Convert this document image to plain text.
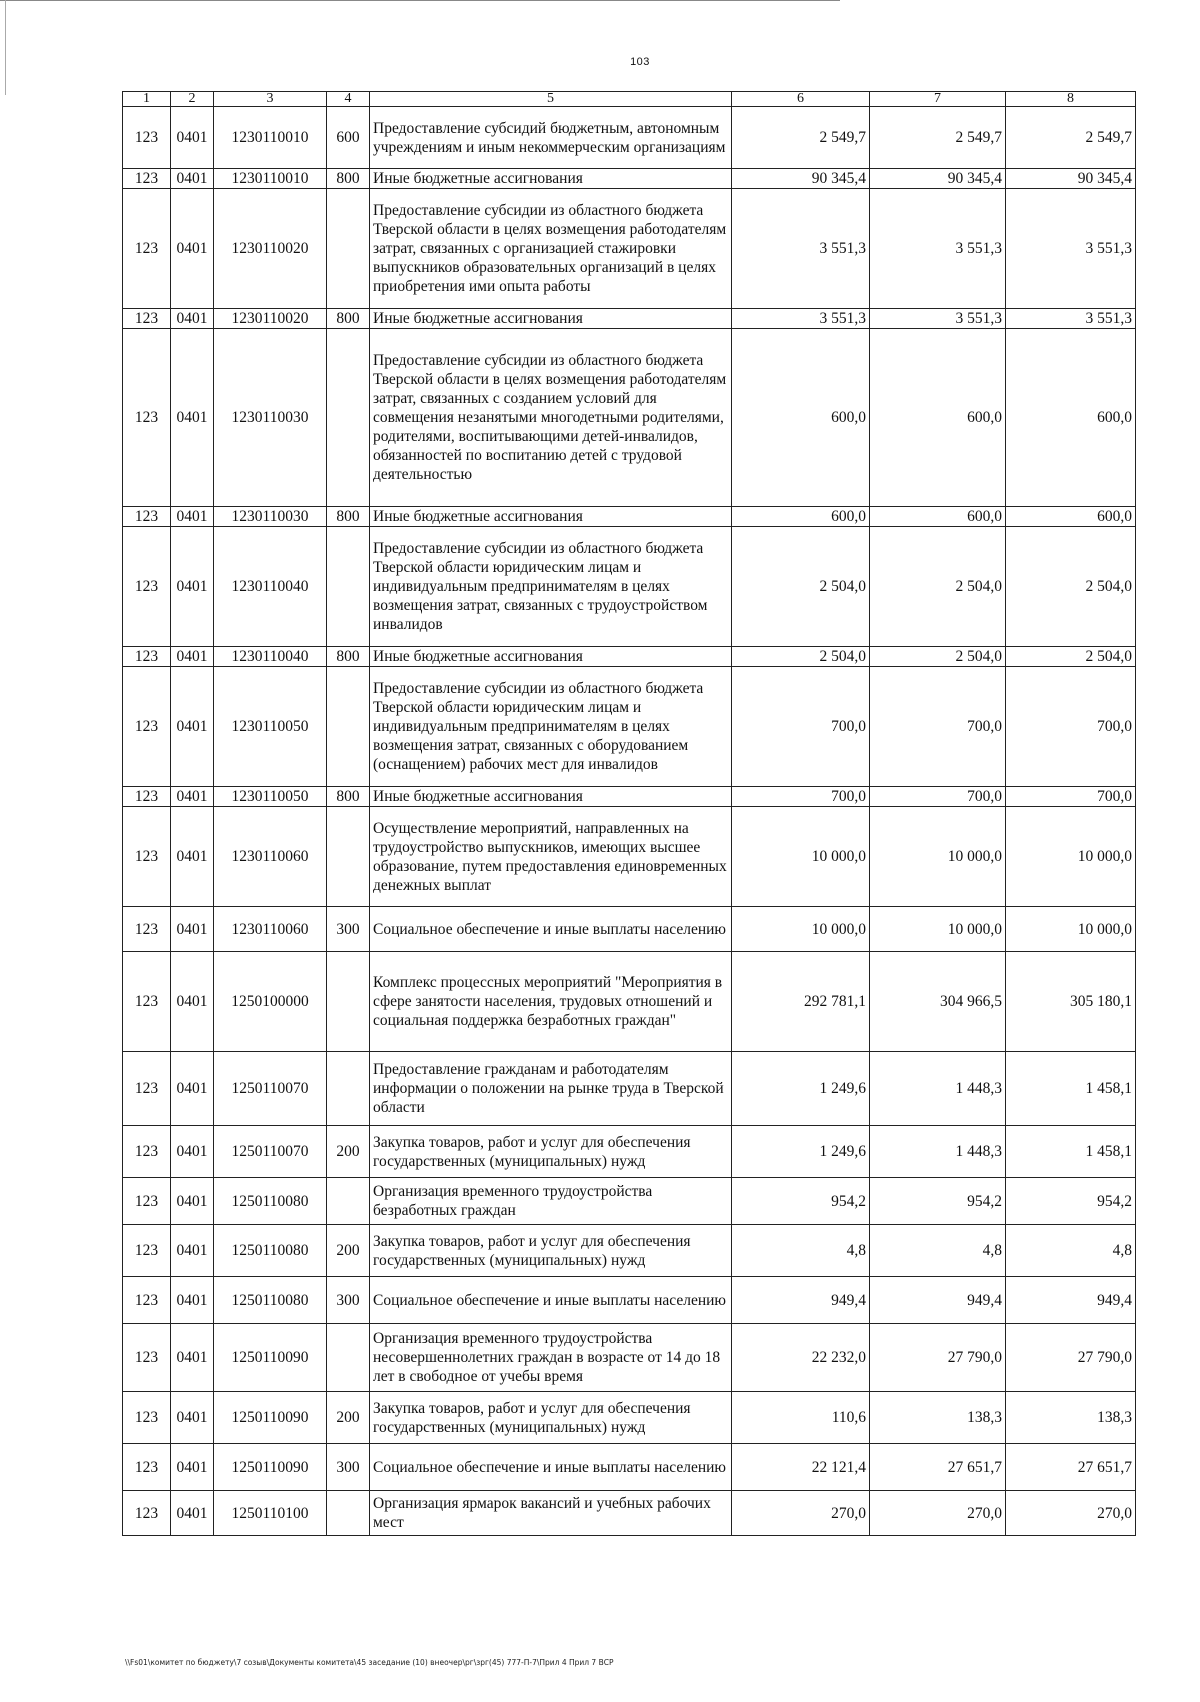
103
1	2	3	4	5	6	7	8
123	0401	1230110010	600	Предоставление субсидий бюджетным, автономным учреждениям и иным некоммерческим организациям	2 549,7	2 549,7	2 549,7
123	0401	1230110010	800	Иные бюджетные ассигнования	90 345,4	90 345,4	90 345,4
123	0401	1230110020		Предоставление субсидии из областного бюджета Тверской области в целях возмещения работодателям затрат, связанных с организацией стажировки выпускников образовательных организаций в целях приобретения ими опыта работы	3 551,3	3 551,3	3 551,3
123	0401	1230110020	800	Иные бюджетные ассигнования	3 551,3	3 551,3	3 551,3
123	0401	1230110030		Предоставление субсидии из областного бюджета Тверской области в целях возмещения работодателям затрат, связанных с созданием условий для совмещения незанятыми многодетными родителями, родителями, воспитывающими детей-инвалидов, обязанностей по воспитанию детей с трудовой деятельностью	600,0	600,0	600,0
123	0401	1230110030	800	Иные бюджетные ассигнования	600,0	600,0	600,0
123	0401	1230110040		Предоставление субсидии из областного бюджета Тверской области юридическим лицам и индивидуальным предпринимателям в целях возмещения затрат, связанных с трудоустройством инвалидов	2 504,0	2 504,0	2 504,0
123	0401	1230110040	800	Иные бюджетные ассигнования	2 504,0	2 504,0	2 504,0
123	0401	1230110050		Предоставление субсидии из областного бюджета Тверской области юридическим лицам и индивидуальным предпринимателям в целях возмещения затрат, связанных с оборудованием (оснащением) рабочих мест для инвалидов	700,0	700,0	700,0
123	0401	1230110050	800	Иные бюджетные ассигнования	700,0	700,0	700,0
123	0401	1230110060		Осуществление мероприятий, направленных на трудоустройство выпускников, имеющих высшее образование, путем предоставления единовременных денежных выплат	10 000,0	10 000,0	10 000,0
123	0401	1230110060	300	Социальное обеспечение и иные выплаты населению	10 000,0	10 000,0	10 000,0
123	0401	1250100000		Комплекс процессных мероприятий "Мероприятия в сфере занятости населения, трудовых отношений и социальная поддержка безработных граждан"	292 781,1	304 966,5	305 180,1
123	0401	1250110070		Предоставление гражданам и работодателям информации о положении на рынке труда в Тверской области	1 249,6	1 448,3	1 458,1
123	0401	1250110070	200	Закупка товаров, работ и услуг для обеспечения государственных (муниципальных) нужд	1 249,6	1 448,3	1 458,1
123	0401	1250110080		Организация временного трудоустройства безработных граждан	954,2	954,2	954,2
123	0401	1250110080	200	Закупка товаров, работ и услуг для обеспечения государственных (муниципальных) нужд	4,8	4,8	4,8
123	0401	1250110080	300	Социальное обеспечение и иные выплаты населению	949,4	949,4	949,4
123	0401	1250110090		Организация временного трудоустройства несовершеннолетних граждан в возрасте от 14 до 18 лет в свободное от учебы время	22 232,0	27 790,0	27 790,0
123	0401	1250110090	200	Закупка товаров, работ и услуг для обеспечения государственных (муниципальных) нужд	110,6	138,3	138,3
123	0401	1250110090	300	Социальное обеспечение и иные выплаты населению	22 121,4	27 651,7	27 651,7
123	0401	1250110100		Организация ярмарок вакансий и учебных рабочих мест	270,0	270,0	270,0
\\Fs01\комитет по бюджету\7 созыв\Документы комитета\45 заседание (10) внеочер\рг\зрг(45) 777-П-7\Прил 4 Прил 7 ВСР
